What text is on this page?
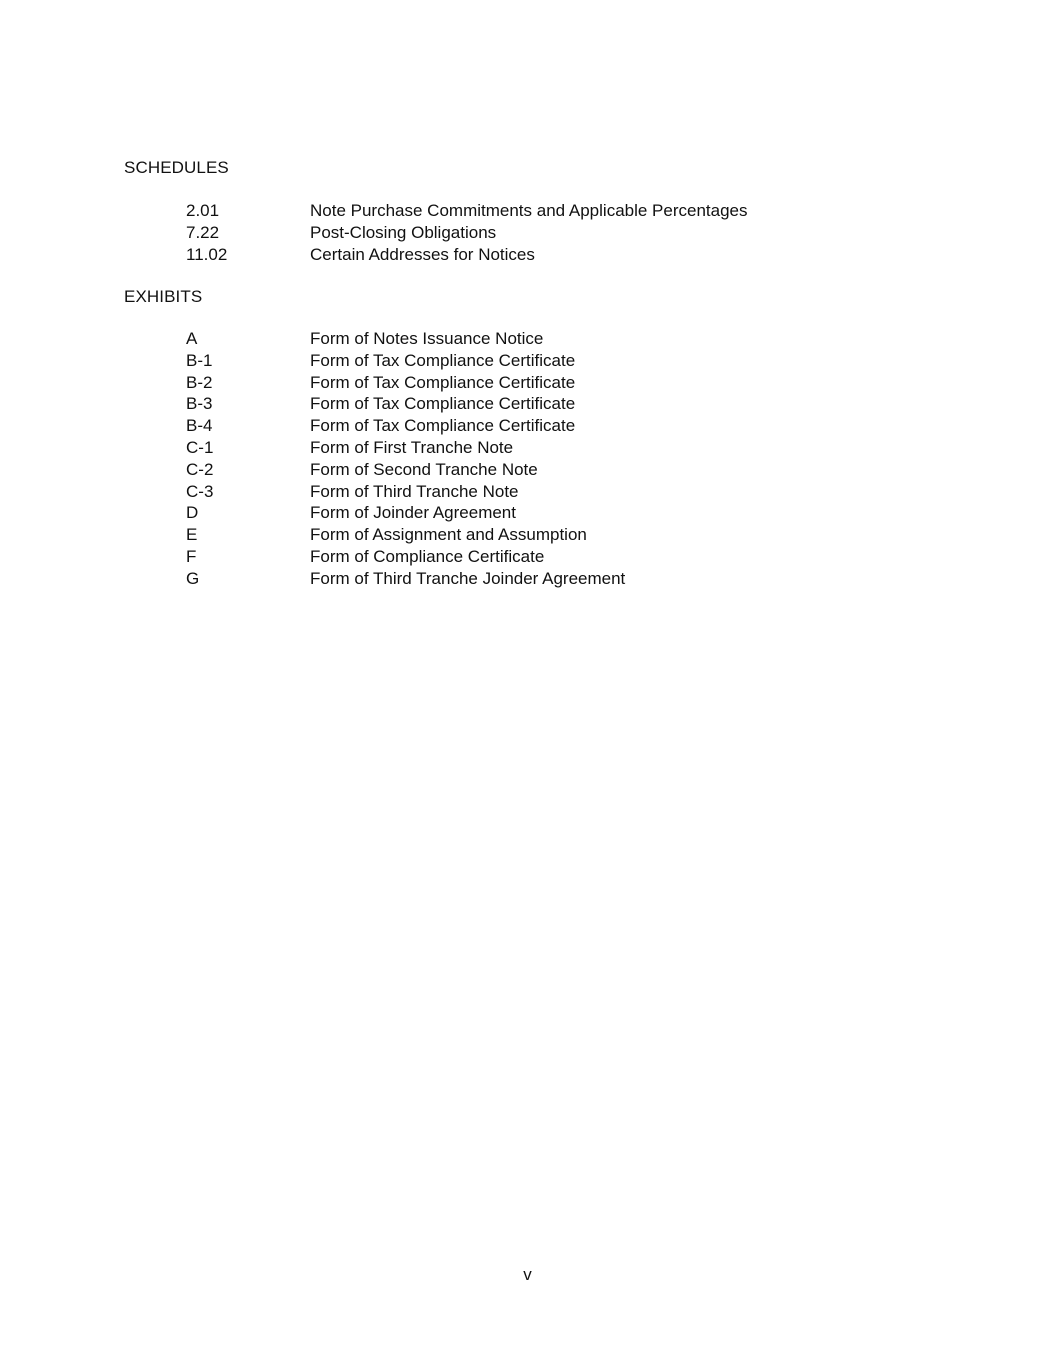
SCHEDULES
2.01	Note Purchase Commitments and Applicable Percentages
7.22	Post-Closing Obligations
11.02	Certain Addresses for Notices
EXHIBITS
A	Form of Notes Issuance Notice
B-1	Form of Tax Compliance Certificate
B-2	Form of Tax Compliance Certificate
B-3	Form of Tax Compliance Certificate
B-4	Form of Tax Compliance Certificate
C-1	Form of First Tranche Note
C-2	Form of Second Tranche Note
C-3	Form of Third Tranche Note
D	Form of Joinder Agreement
E	Form of Assignment and Assumption
F	Form of Compliance Certificate
G	Form of Third Tranche Joinder Agreement
v
